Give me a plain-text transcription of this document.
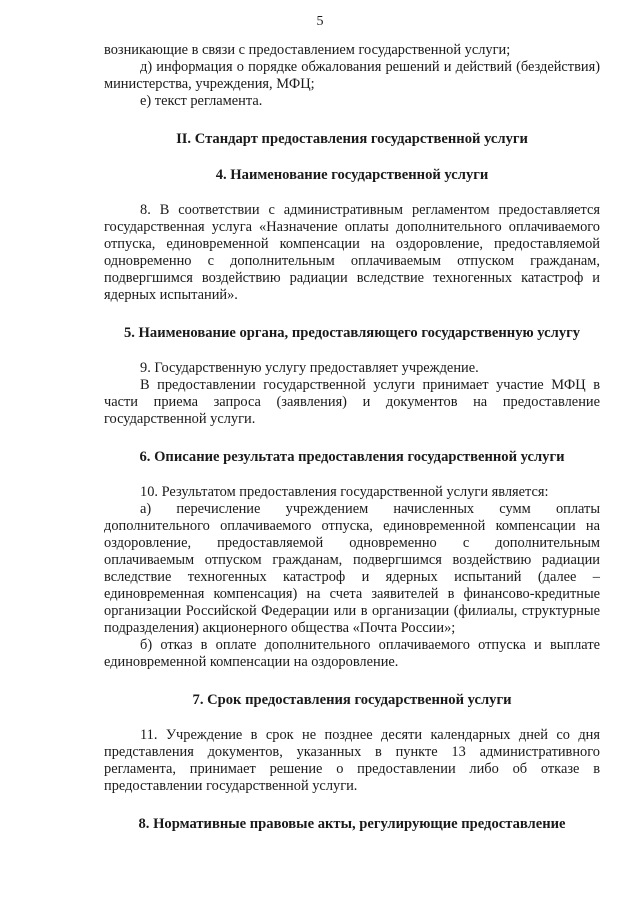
5

возникающие в связи с предоставлением государственной услуги;

д) информация о порядке обжалования решений и действий (бездействия) министерства, учреждения, МФЦ;

е) текст регламента.

II. Стандарт предоставления государственной услуги
4. Наименование государственной услуги

8. В соответствии с административным регламентом предоставляется государственная услуга «Назначение оплаты дополнительного оплачиваемого отпуска, единовременной компенсации на оздоровление, предоставляемой одновременно с дополнительным оплачиваемым отпуском гражданам, подвергшимся воздействию радиации вследствие техногенных катастроф и ядерных испытаний».

5. Наименование органа, предоставляющего государственную услугу

9. Государственную услугу предоставляет учреждение.

В предоставлении государственной услуги принимает участие МФЦ в части приема запроса (заявления) и документов на предоставление государственной услуги.

6. Описание результата предоставления государственной услуги

10. Результатом предоставления государственной услуги является:

а) перечисление учреждением начисленных сумм оплаты дополнительного оплачиваемого отпуска, единовременной компенсации на оздоровление, предоставляемой одновременно с дополнительным оплачиваемым отпуском гражданам, подвергшимся воздействию радиации вследствие техногенных катастроф и ядерных испытаний (далее – единовременная компенсация) на счета заявителей в финансово-кредитные организации Российской Федерации или в организации (филиалы, структурные подразделения) акционерного общества «Почта России»;

б) отказ в оплате дополнительного оплачиваемого отпуска и выплате единовременной компенсации на оздоровление.

7. Срок предоставления государственной услуги

11. Учреждение в срок не позднее десяти календарных дней со дня представления документов, указанных в пункте 13 административного регламента, принимает решение о предоставлении либо об отказе в предоставлении государственной услуги.

8. Нормативные правовые акты, регулирующие предоставление
